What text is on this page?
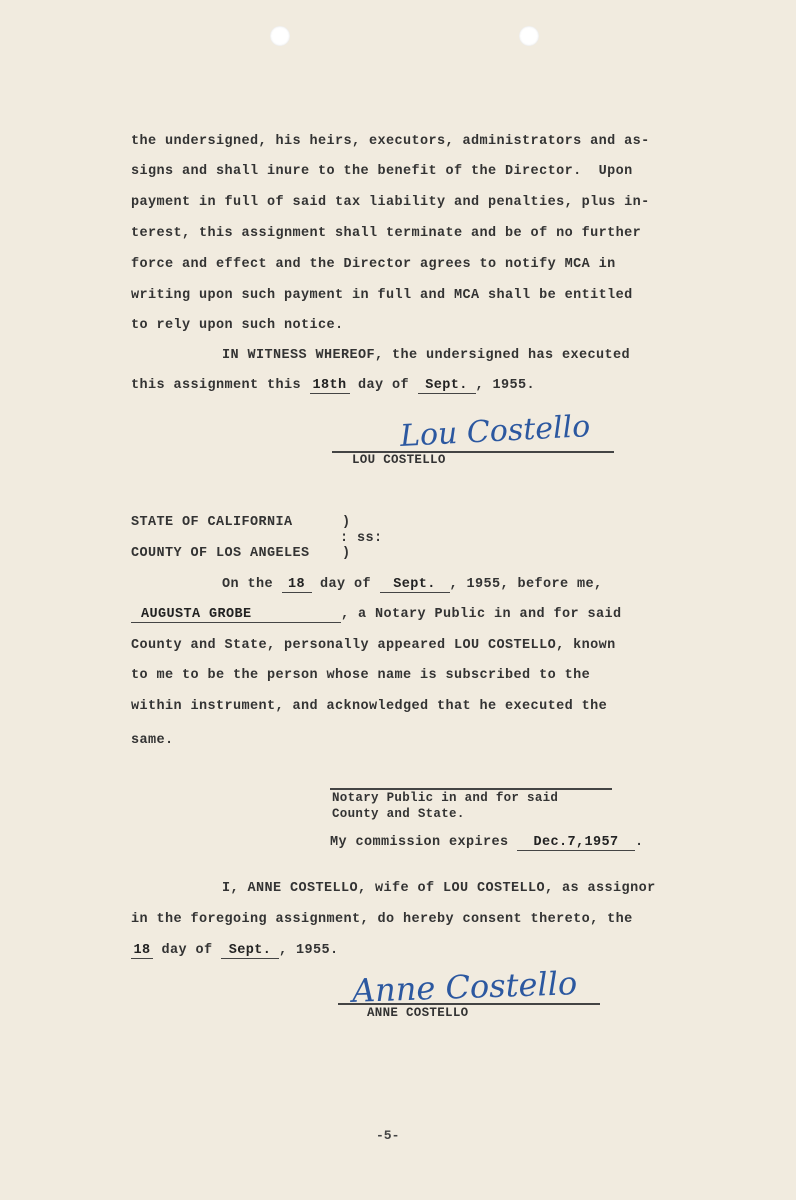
the undersigned, his heirs, executors, administrators and as-
signs and shall inure to the benefit of the Director.  Upon
payment in full of said tax liability and penalties, plus in-
terest, this assignment shall terminate and be of no further
force and effect and the Director agrees to notify MCA in
writing upon such payment in full and MCA shall be entitled
to rely upon such notice.
IN WITNESS WHEREOF, the undersigned has executed
this assignment this 18th day of Sept. , 1955.
Lou Costello
LOU COSTELLO
STATE OF CALIFORNIA	)
: ss:
COUNTY OF LOS ANGELES )
On the 18 day of Sept. , 1955, before me,
AUGUSTA GROBE	, a Notary Public in and for said
County and State, personally appeared LOU COSTELLO, known
to me to be the person whose name is subscribed to the
within instrument, and acknowledged that he executed the
same.
Notary Public in and for said
County and State.
My commission expires Dec.7,1957 .
I, ANNE COSTELLO, wife of LOU COSTELLO, as assignor
in the foregoing assignment, do hereby consent thereto, the
18 day of Sept. , 1955.
Anne Costello
ANNE COSTELLO
-5-
